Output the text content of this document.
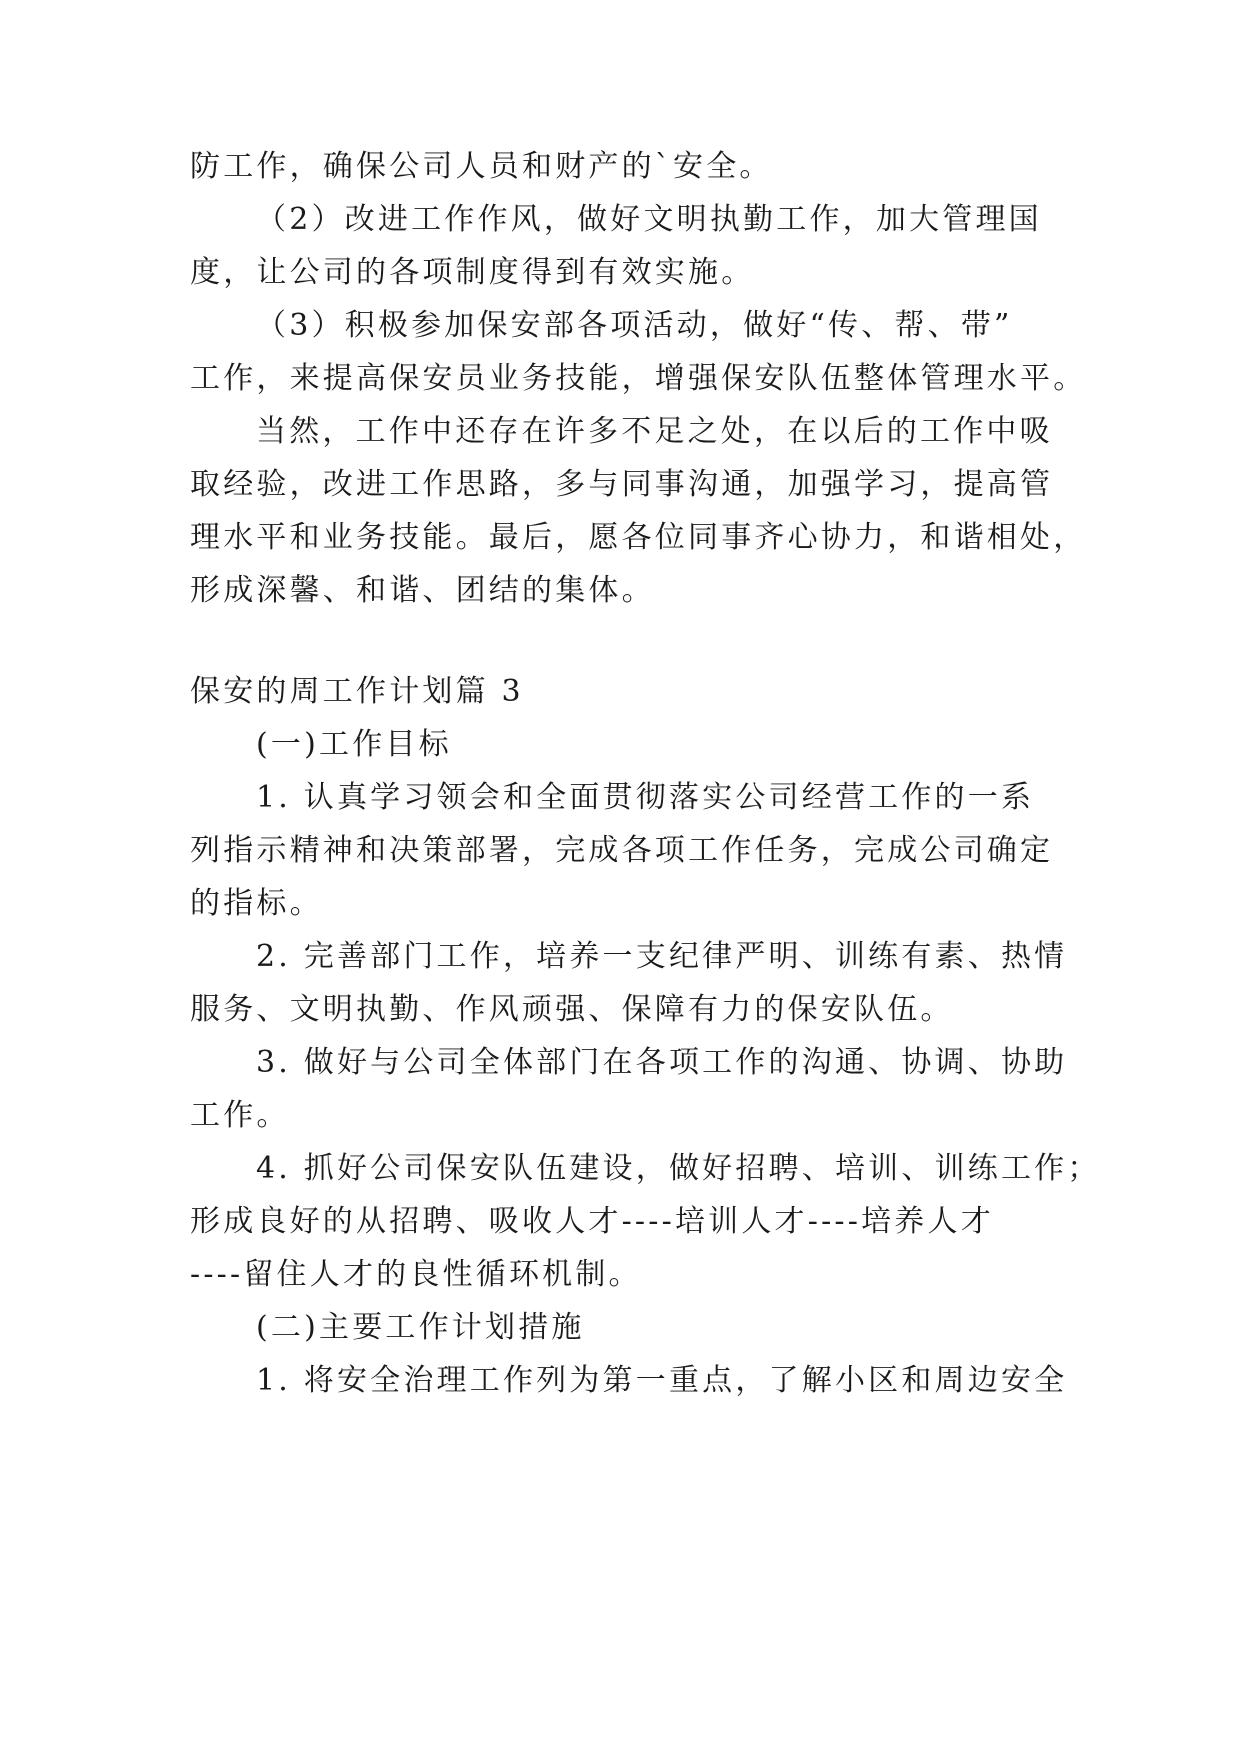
防工作，确保公司人员和财产的`安全。
（2）改进工作作风，做好文明执勤工作，加大管理国
度，让公司的各项制度得到有效实施。
（3）积极参加保安部各项活动，做好“传、帮、带”
工作，来提高保安员业务技能，增强保安队伍整体管理水平。
当然，工作中还存在许多不足之处，在以后的工作中吸
取经验，改进工作思路，多与同事沟通，加强学习，提高管
理水平和业务技能。最后，愿各位同事齐心协力，和谐相处，
形成深馨、和谐、团结的集体。
保安的周工作计划篇 3
(一)工作目标
1. 认真学习领会和全面贯彻落实公司经营工作的一系
列指示精神和决策部署，完成各项工作任务，完成公司确定
的指标。
2. 完善部门工作，培养一支纪律严明、训练有素、热情
服务、文明执勤、作风顽强、保障有力的保安队伍。
3. 做好与公司全体部门在各项工作的沟通、协调、协助
工作。
4. 抓好公司保安队伍建设，做好招聘、培训、训练工作；
形成良好的从招聘、吸收人才----培训人才----培养人才
----留住人才的良性循环机制。
(二)主要工作计划措施
1. 将安全治理工作列为第一重点，了解小区和周边安全
